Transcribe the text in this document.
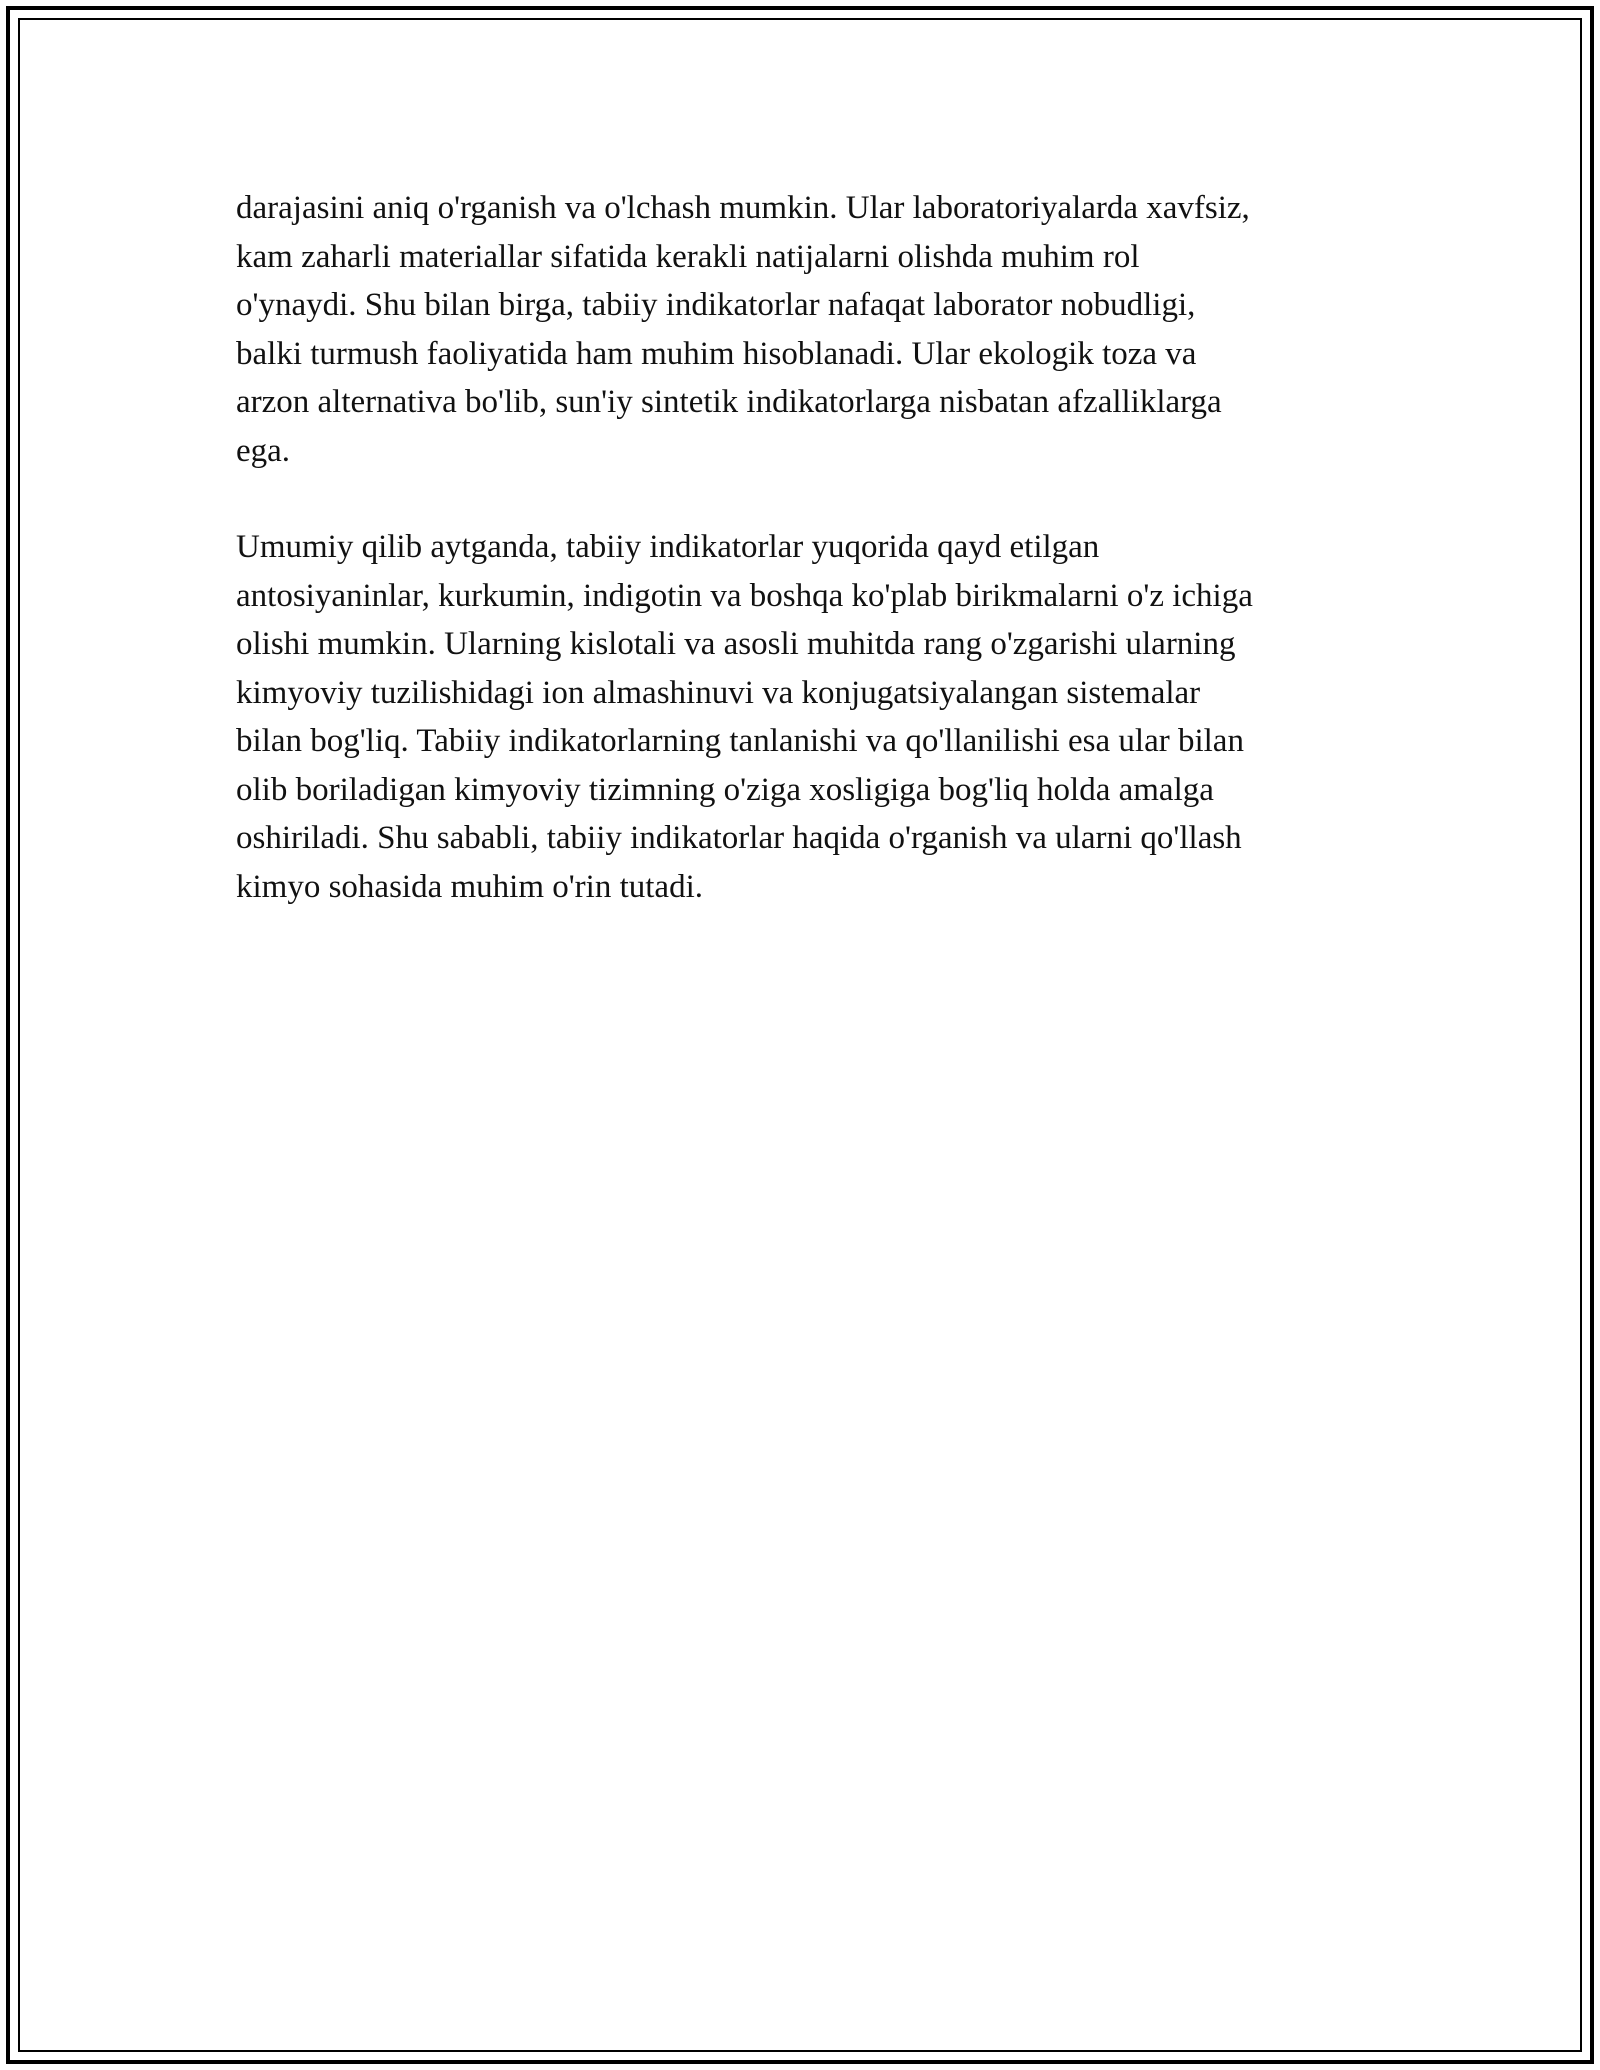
darajasini aniq o'rganish va o'lchash mumkin. Ular laboratoriyalarda xavfsiz,
kam zaharli materiallar sifatida kerakli natijalarni olishda muhim rol
o'ynaydi. Shu bilan birga, tabiiy indikatorlar nafaqat laborator nobudligi,
balki turmush faoliyatida ham muhim hisoblanadi. Ular ekologik toza va
arzon alternativa bo'lib, sun'iy sintetik indikatorlarga nisbatan afzalliklarga
ega.

Umumiy qilib aytganda, tabiiy indikatorlar yuqorida qayd etilgan
antosiyaninlar, kurkumin, indigotin va boshqa ko'plab birikmalarni o'z ichiga
olishi mumkin. Ularning kislotali va asosli muhitda rang o'zgarishi ularning
kimyoviy tuzilishidagi ion almashinuvi va konjugatsiyalangan sistemalar
bilan bog'liq. Tabiiy indikatorlarning tanlanishi va qo'llanilishi esa ular bilan
olib boriladigan kimyoviy tizimning o'ziga xosligiga bog'liq holda amalga
oshiriladi. Shu sababli, tabiiy indikatorlar haqida o'rganish va ularni qo'llash
kimyo sohasida muhim o'rin tutadi.
